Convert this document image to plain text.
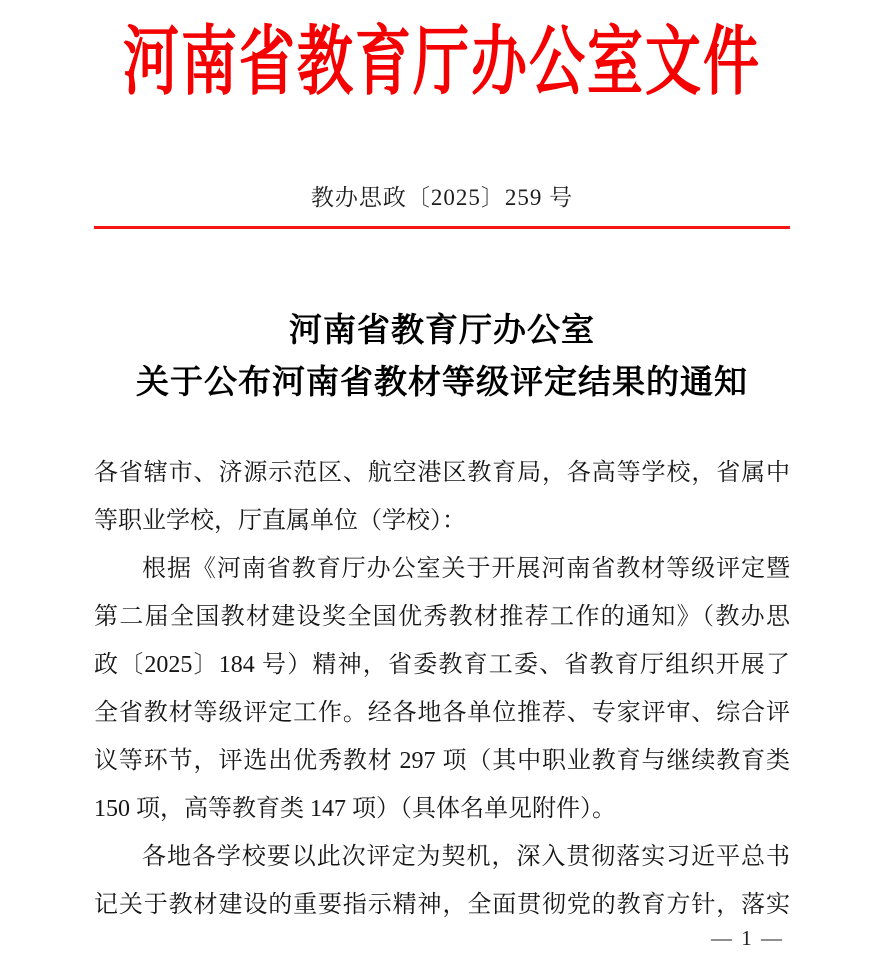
河南省教育厅办公室文件
教办思政〔2025〕259 号
河南省教育厅办公室
关于公布河南省教材等级评定结果的通知
各省辖市、济源示范区、航空港区教育局，各高等学校，省属中
等职业学校，厅直属单位（学校）：
根据《河南省教育厅办公室关于开展河南省教材等级评定暨
第二届全国教材建设奖全国优秀教材推荐工作的通知》（教办思
政〔2025〕184 号）精神，省委教育工委、省教育厅组织开展了
全省教材等级评定工作。经各地各单位推荐、专家评审、综合评
议等环节，评选出优秀教材 297 项（其中职业教育与继续教育类
150 项，高等教育类 147 项）（具体名单见附件）。
各地各学校要以此次评定为契机，深入贯彻落实习近平总书
记关于教材建设的重要指示精神，全面贯彻党的教育方针，落实
— 1 —
